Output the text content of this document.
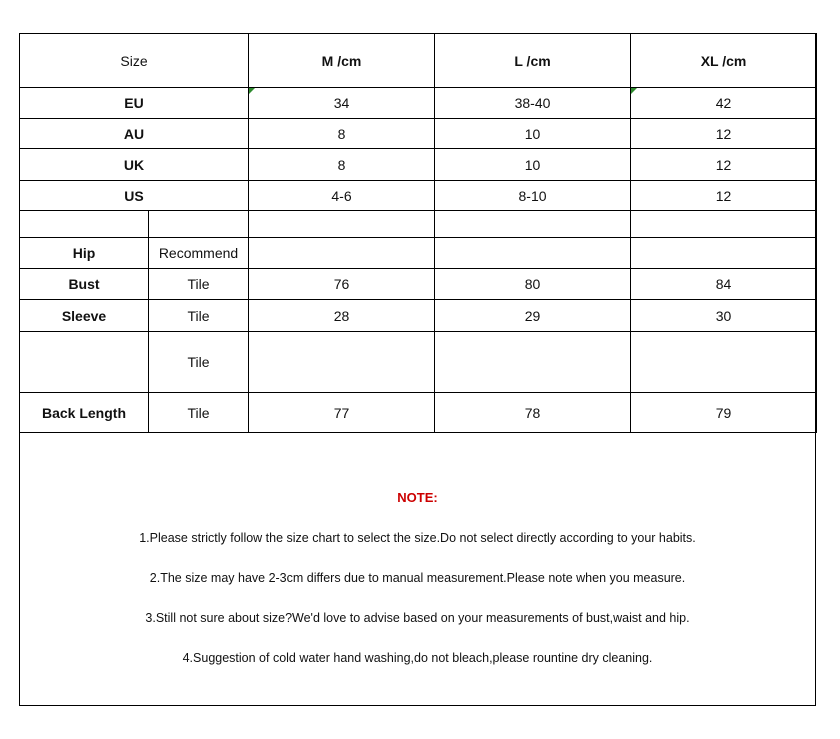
Size		M /cm	L /cm	XL /cm
EU		34	38-40	42
AU		8	10	12
UK		8	10	12
US		4-6	8-10	12

Hip	Recommend			
Bust	Tile	76	80	84
Sleeve	Tile	28	29	30
	Tile			
Back Length	Tile	77	78	79
NOTE:
1.Please strictly follow the size chart to select the size.Do not select directly according to your habits.
2.The size may have 2-3cm differs due to manual measurement.Please note when you measure.
3.Still not sure about size?We'd love to advise based on your measurements of bust,waist and hip.
4.Suggestion of cold water hand washing,do not bleach,please rountine dry cleaning.
